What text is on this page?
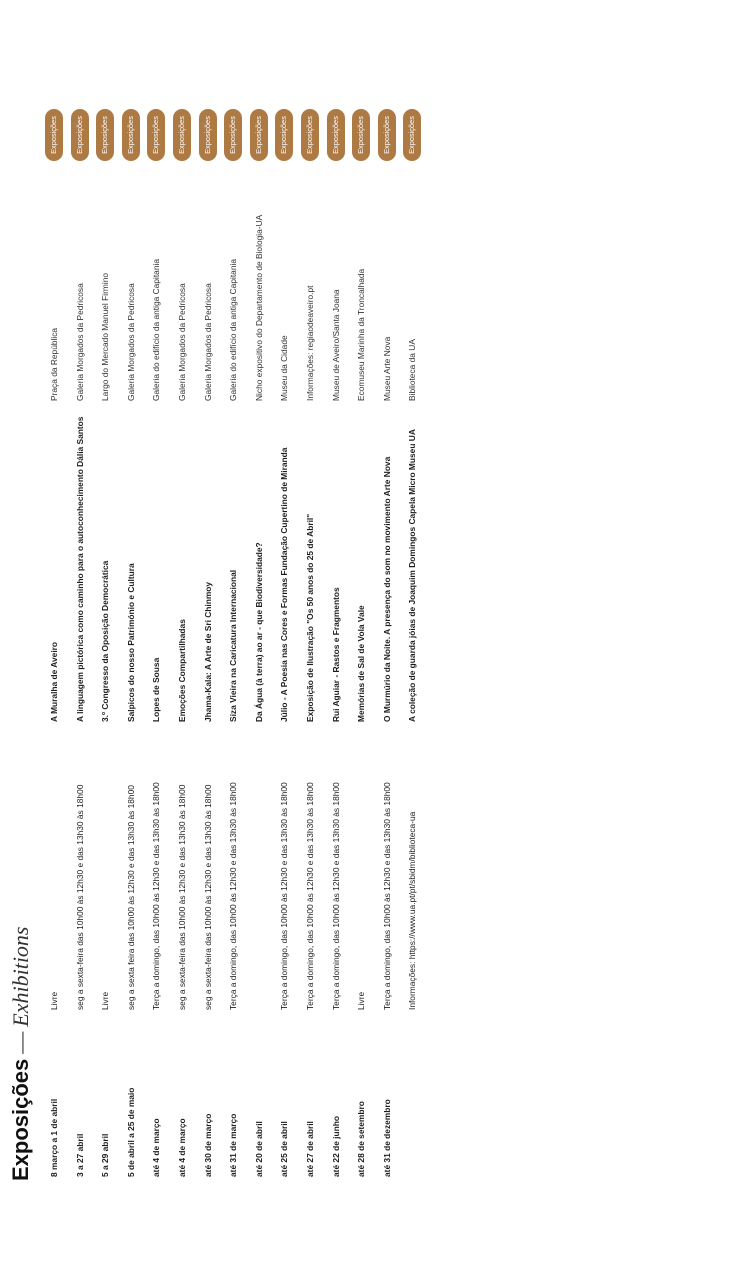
Exposições—Exhibitions
8 março a 1 de abril
Livre
A Muralha de Aveiro
Praça da República
Exposições
3 a 27 abril
seg a sexta-feira das 10h00 às 12h30 e das 13h30 às 18h00
A linguagem pictórica como caminho para o autoconhecimento Dália Santos
Galeria Morgados da Pedricosa
Exposições
5 a 29 abril
Livre
3.º Congresso da Oposição Democrática
Largo do Mercado Manuel Firmino
Exposições
5 de abril a 25 de maio
seg a sexta feira das 10h00 às 12h30 e das 13h30 às 18h00
Salpicos do nosso Património e Cultura
Galeria Morgados da Pedricosa
Exposições
até 4 de março
Terça a domingo, das 10h00 às 12h30 e das 13h30 às 18h00
Lopes de Sousa
Galeria do edifício da antiga Capitania
Exposições
até 4 de março
seg a sexta-feira das 10h00 às 12h30 e das 13h30 às 18h00
Emoções Compartilhadas
Galeria Morgados da Pedricosa
Exposições
até 30 de março
seg a sexta-feira das 10h00 às 12h30 e das 13h30 às 18h00
Jhama-Kala: A Arte de Sri Chinmoy
Galeria Morgados da Pedricosa
Exposições
até 31 de março
Terça a domingo, das 10h00 às 12h30 e das 13h30 às 18h00
Siza Vieira na Caricatura Internacional
Galeria do edifício da antiga Capitania
Exposições
até 20 de abril
Da Água (à terra) ao ar - que Biodiversidade?
Nicho expositivo do Departamento de Biologia-UA
Exposições
até 25 de abril
Terça a domingo, das 10h00 às 12h30 e das 13h30 às 18h00
Júlio - A Poesia nas Cores e Formas Fundação Cupertino de Miranda
Museu da Cidade
Exposições
até 27 de abril
Terça a domingo, das 10h00 às 12h30 e das 13h30 às 18h00
Exposição de Ilustração "Os 50 anos do 25 de Abril"
Informações: regiaodeaveiro.pt
Exposições
até 22 de junho
Terça a domingo, das 10h00 às 12h30 e das 13h30 às 18h00
Rui Aguiar - Rastos e Fragmentos
Museu de Aveiro/Santa Joana
Exposições
até 28 de setembro
Livre
Memórias de Sal de Vola Vale
Ecomuseu Marinha da Troncalhada
Exposições
até 31 de dezembro
Terça a domingo, das 10h00 às 12h30 e das 13h30 às 18h00
O Murmúrio da Noite. A presença do som no movimento Arte Nova
Museu Arte Nova
Exposições
Informações: https://www.ua.pt/pt/sbidm/biblioteca-ua
A coleção de guarda jóias de Joaquim Domingos Capela Micro Museu UA
Biblioteca da UA
Exposições
